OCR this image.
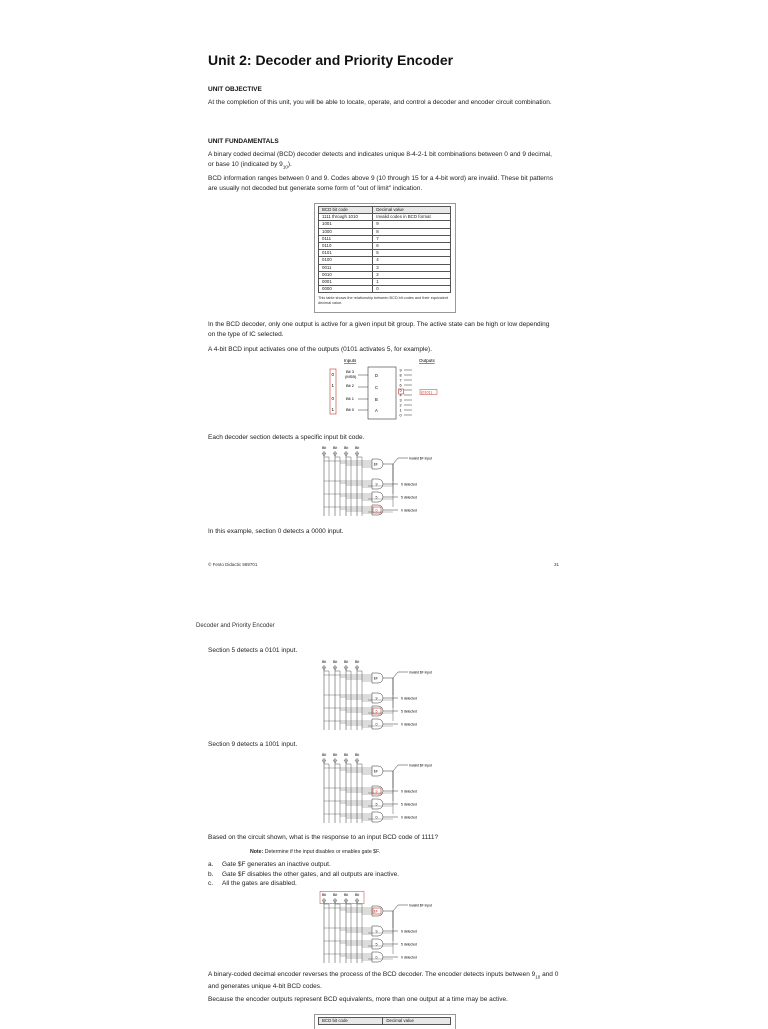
Unit 2: Decoder and Priority Encoder
UNIT OBJECTIVE
At the completion of this unit, you will be able to locate, operate, and control a decoder and encoder circuit combination.
UNIT FUNDAMENTALS
A binary coded decimal (BCD) decoder detects and indicates unique 8-4-2-1 bit combinations between 0 and 9 decimal, or base 10 (indicated by $9_{10}$).
BCD information ranges between 0 and 9. Codes above 9 (10 through 15 for a 4-bit word) are invalid. These bit patterns are usually not decoded but generate some form of "out of limit" indication.
BCD bit code	Decimal value
1111 through 1010	Invalid codes in BCD format
1001	9
1000	8
0111	7
0110	6
0101	5
0100	4
0011	3
0010	2
0001	1
0000	0
This table shows the relationship between BCD bit codes and their equivalent decimal value.
In the BCD decoder, only one output is active for a given input bit group. The active state can be high or low depending on the type of IC selected.
A 4-bit BCD input activates one of the outputs (0101 activates 5, for example).
Inputs	Outputs
0
1
0
1
Bit 3
(MSB)
Bit 2
Bit 1
Bit 0
D
C
B
A
9
8
7
6
5
4
3
2
1
0
(0101)
Each decoder section detects a specific input bit code.
Bit Bit Bit Bit
$F
Invalid $F input
9	9 detected
5	5 detected
0	0 detected
In this example, section 0 detects a 0000 input.
© Festo Didactic 589701	31
Decoder and Priority Encoder
Section 5 detects a 0101 input.
Bit Bit Bit Bit
$F
Invalid $F input
9	9 detected
5	5 detected
0	0 detected
Section 9 detects a 1001 input.
Bit Bit Bit Bit
$F
Invalid $F input
9	9 detected
5	5 detected
0	0 detected
Based on the circuit shown, what is the response to an input BCD code of 1111?
Note: Determine if the input disables or enables gate $F.
a. Gate $F generates an inactive output.
b. Gate $F disables the other gates, and all outputs are inactive.
c. All the gates are disabled.
Bit Bit Bit Bit
$F
Invalid $F input
9	9 detected
5	5 detected
0	0 detected
A binary-coded decimal encoder reverses the process of the BCD decoder. The encoder detects inputs between $9_{10}$ and 0 and generates unique 4-bit BCD codes.
Because the encoder outputs represent BCD equivalents, more than one output at a time may be active.
BCD bit code	Decimal value
